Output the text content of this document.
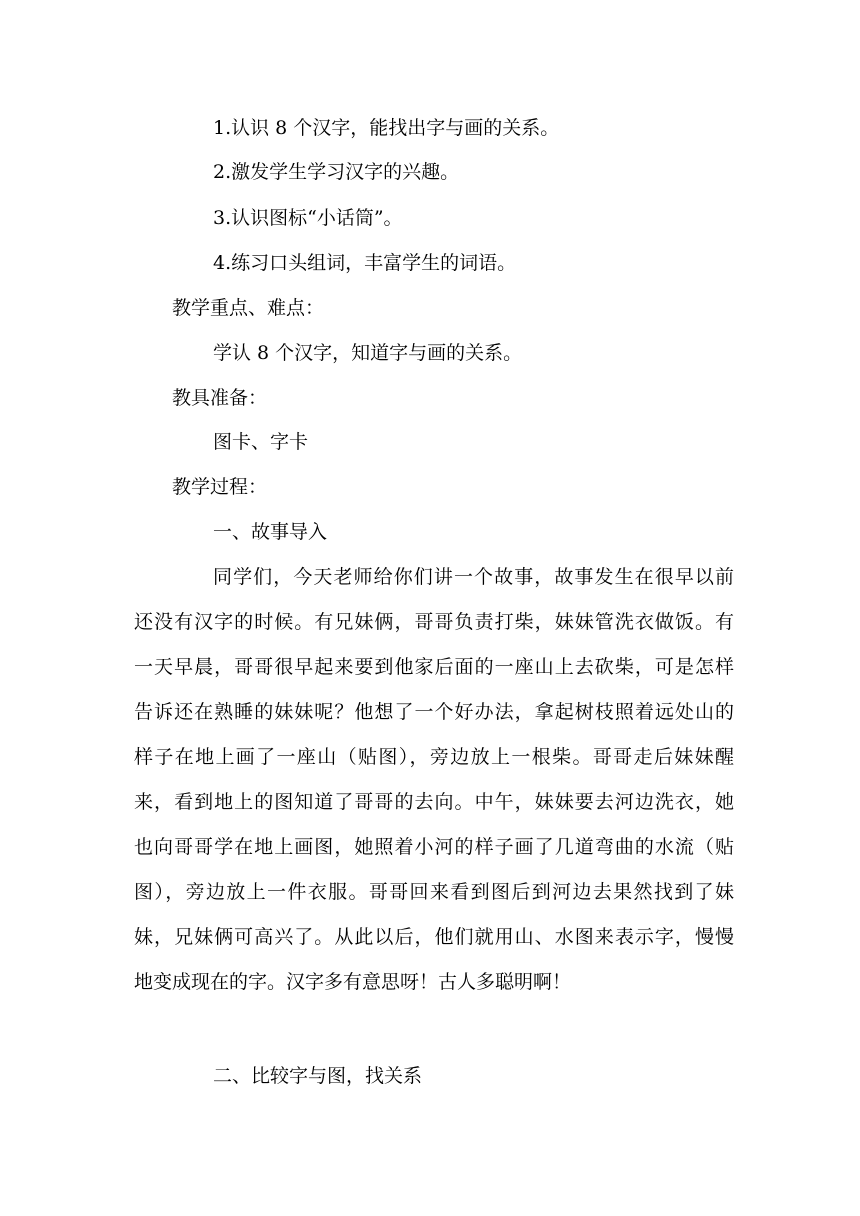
1.认识 8 个汉字，能找出字与画的关系。
2.激发学生学习汉字的兴趣。
3.认识图标“小话筒”。
4.练习口头组词，丰富学生的词语。
教学重点、难点：
学认 8 个汉字，知道字与画的关系。
教具准备：
图卡、字卡
教学过程：
一、故事导入
同学们，今天老师给你们讲一个故事，故事发生在很早以前
还没有汉字的时候。有兄妹俩，哥哥负责打柴，妹妹管洗衣做饭。有
一天早晨，哥哥很早起来要到他家后面的一座山上去砍柴，可是怎样
告诉还在熟睡的妹妹呢？他想了一个好办法，拿起树枝照着远处山的
样子在地上画了一座山（贴图），旁边放上一根柴。哥哥走后妹妹醒
来，看到地上的图知道了哥哥的去向。中午，妹妹要去河边洗衣，她
也向哥哥学在地上画图，她照着小河的样子画了几道弯曲的水流（贴
图），旁边放上一件衣服。哥哥回来看到图后到河边去果然找到了妹
妹，兄妹俩可高兴了。从此以后，他们就用山、水图来表示字，慢慢
地变成现在的字。汉字多有意思呀！古人多聪明啊！
二、比较字与图，找关系
